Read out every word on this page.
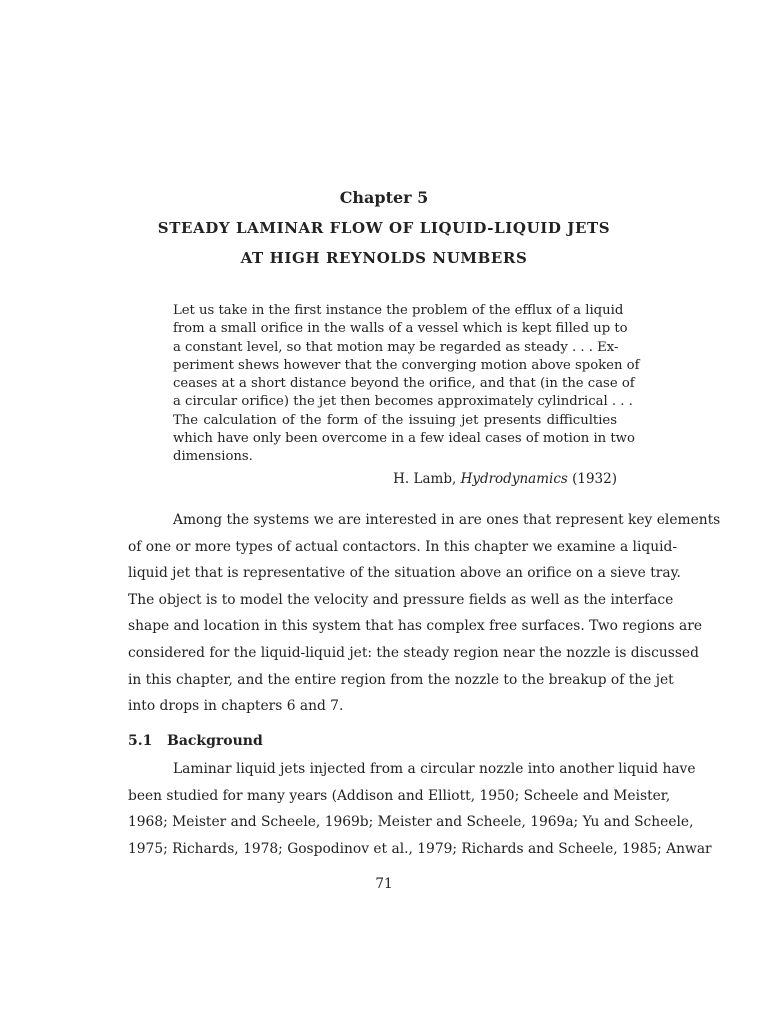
Chapter 5
STEADY LAMINAR FLOW OF LIQUID-LIQUID JETS
AT HIGH REYNOLDS NUMBERS
Let us take in the first instance the problem of the efflux of a liquid
from a small orifice in the walls of a vessel which is kept filled up to
a constant level, so that motion may be regarded as steady . . . Ex-
periment shews however that the converging motion above spoken of
ceases at a short distance beyond the orifice, and that (in the case of
a circular orifice) the jet then becomes approximately cylindrical . . .
The calculation of the form of the issuing jet presents difficulties
which have only been overcome in a few ideal cases of motion in two
dimensions.
H. Lamb, Hydrodynamics (1932)
Among the systems we are interested in are ones that represent key elements
of one or more types of actual contactors. In this chapter we examine a liquid-
liquid jet that is representative of the situation above an orifice on a sieve tray.
The object is to model the velocity and pressure fields as well as the interface
shape and location in this system that has complex free surfaces. Two regions are
considered for the liquid-liquid jet: the steady region near the nozzle is discussed
in this chapter, and the entire region from the nozzle to the breakup of the jet
into drops in chapters 6 and 7.
5.1 Background
Laminar liquid jets injected from a circular nozzle into another liquid have
been studied for many years (Addison and Elliott, 1950; Scheele and Meister,
1968; Meister and Scheele, 1969b; Meister and Scheele, 1969a; Yu and Scheele,
1975; Richards, 1978; Gospodinov et al., 1979; Richards and Scheele, 1985; Anwar
71
